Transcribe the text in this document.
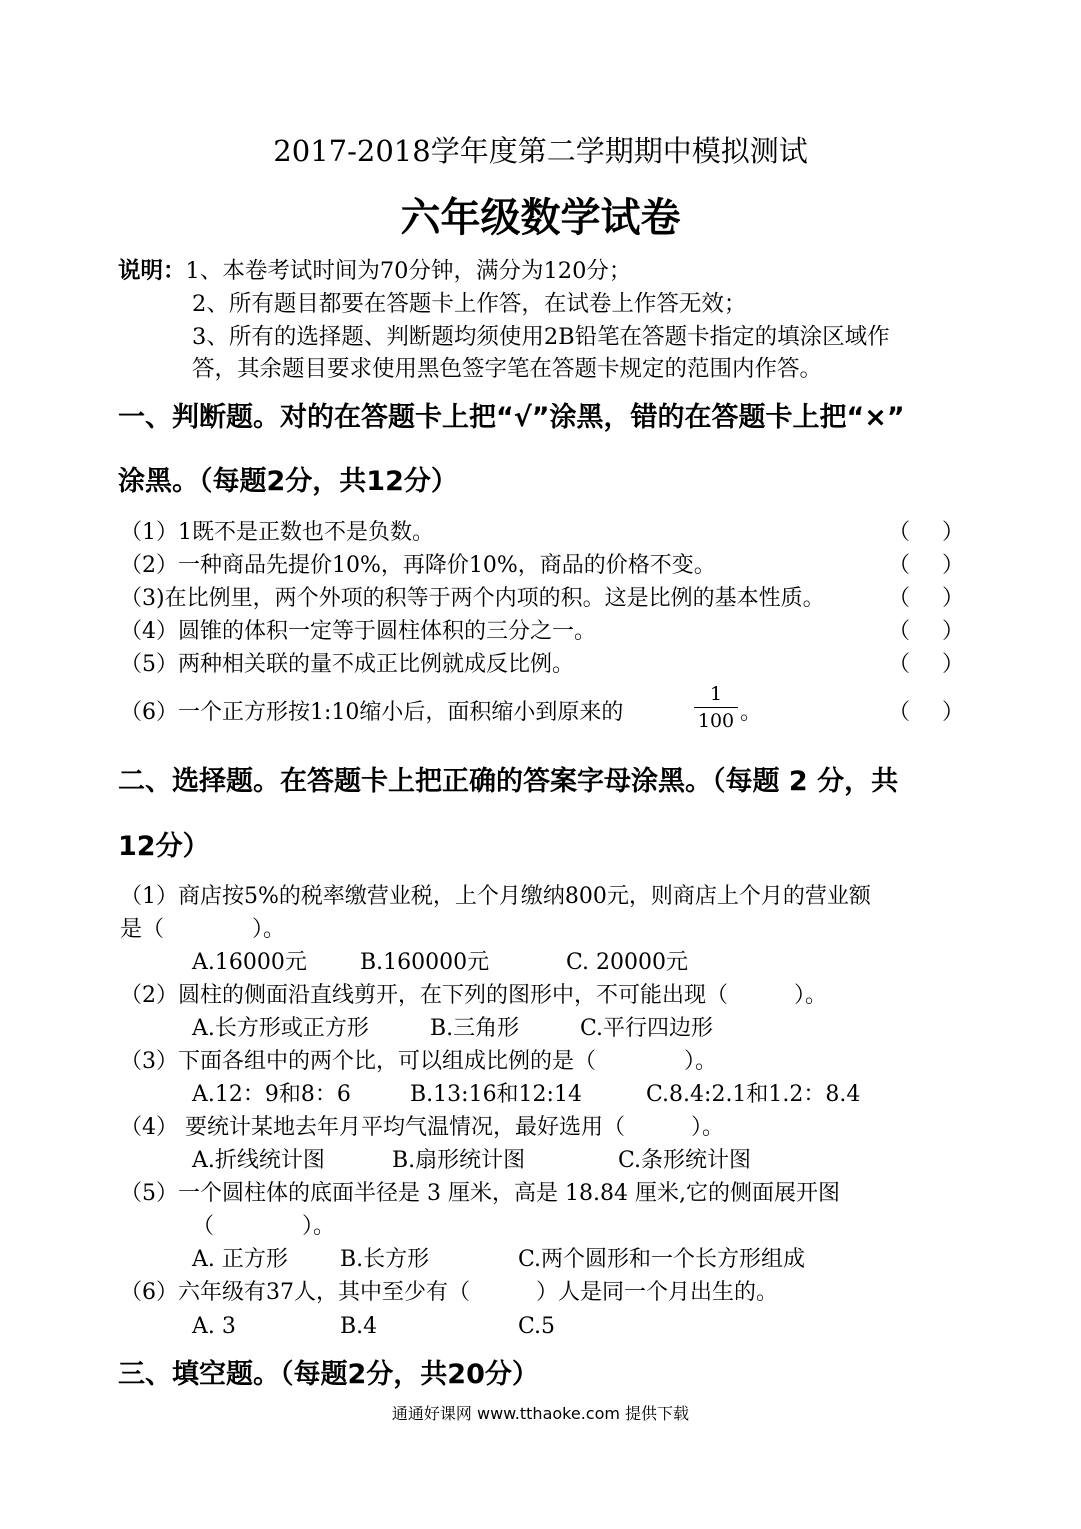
2017-2018学年度第二学期期中模拟测试
六年级数学试卷
说明：1、本卷考试时间为70分钟，满分为120分；
2、所有题目都要在答题卡上作答，在试卷上作答无效；
3、所有的选择题、判断题均须使用2B铅笔在答题卡指定的填涂区域作
答，其余题目要求使用黑色签字笔在答题卡规定的范围内作答。
一、判断题。对的在答题卡上把“√”涂黑，错的在答题卡上把“×”
涂黑。（每题2分，共12分）
（1）1既不是正数也不是负数。	（ ）
（2）一种商品先提价10%，再降价10%，商品的价格不变。	（ ）
（3)在比例里，两个外项的积等于两个内项的积。这是比例的基本性质。	（ ）
（4）圆锥的体积一定等于圆柱体积的三分之一。	（ ）
（5）两种相关联的量不成正比例就成反比例。	（ ）
（6）一个正方形按1:10缩小后，面积缩小到原来的	$\frac{1}{100}$ 。	（ ）
二、选择题。在答题卡上把正确的答案字母涂黑。（每题 2 分，共
12分）
（1）商店按5%的税率缴营业税，上个月缴纳800元，则商店上个月的营业额
是（　　　　）。
A.16000元 B.160000元	C. 20000元
（2）圆柱的侧面沿直线剪开，在下列的图形中，不可能出现（　　　）。
A.长方形或正方形	B.三角形	C.平行四边形
（3）下面各组中的两个比，可以组成比例的是（　　　　）。
A.12：9和8：6	B.13:16和12:14	C.8.4:2.1和1.2：8.4
（4） 要统计某地去年月平均气温情况，最好选用（　　　）。
A.折线统计图	B.扇形统计图	C.条形统计图
（5）一个圆柱体的底面半径是 3 厘米，高是 18.84 厘米,它的侧面展开图
（　　　　）。
A. 正方形 B.长方形	C.两个圆形和一个长方形组成
（6）六年级有37人，其中至少有（　　　）人是同一个月出生的。
A. 3	B.4	C.5
三、填空题。（每题2分，共20分）
通通好课网 www.tthaoke.com 提供下载
